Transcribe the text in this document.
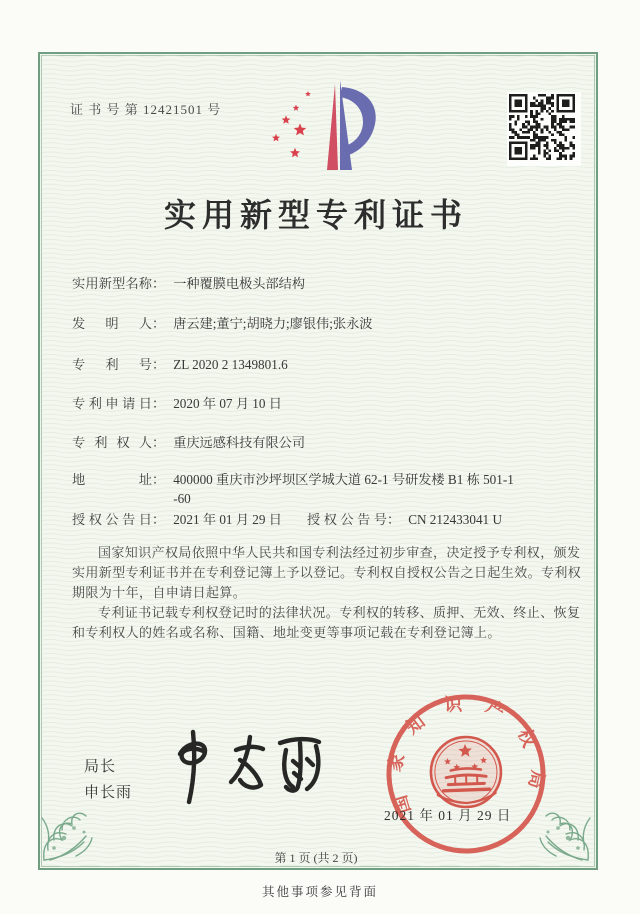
证 书 号 第 12421501 号
实用新型专利证书
实用新型名称 ： 一种覆膜电极头部结构
发明人 ： 唐云建;董宁;胡晓力;廖银伟;张永波
专利号 ： ZL 2020 2 1349801.6
专利申请日 ： 2020 年 07 月 10 日
专利权人 ： 重庆远感科技有限公司
地址 ： 400000 重庆市沙坪坝区学城大道 62-1 号研发楼 B1 栋 501-1
-60
授权公告日 ： 2021 年 01 月 29 日 授权公告号 ： CN 212433041 U

国家知识产权局依照中华人民共和国专利法经过初步审查，决定授予专利权，颁发实用新型专利证书并在专利登记簿上予以登记。专利权自授权公告之日起生效。专利权期限为十年，自申请日起算。

专利证书记载专利权登记时的法律状况。专利权的转移、质押、无效、终止、恢复和专利权人的姓名或名称、国籍、地址变更等事项记载在专利登记簿上。

局长
申长雨	国家知识产权局
2021 年 01 月 29 日
第 1 页 (共 2 页)
其他事项参见背面
